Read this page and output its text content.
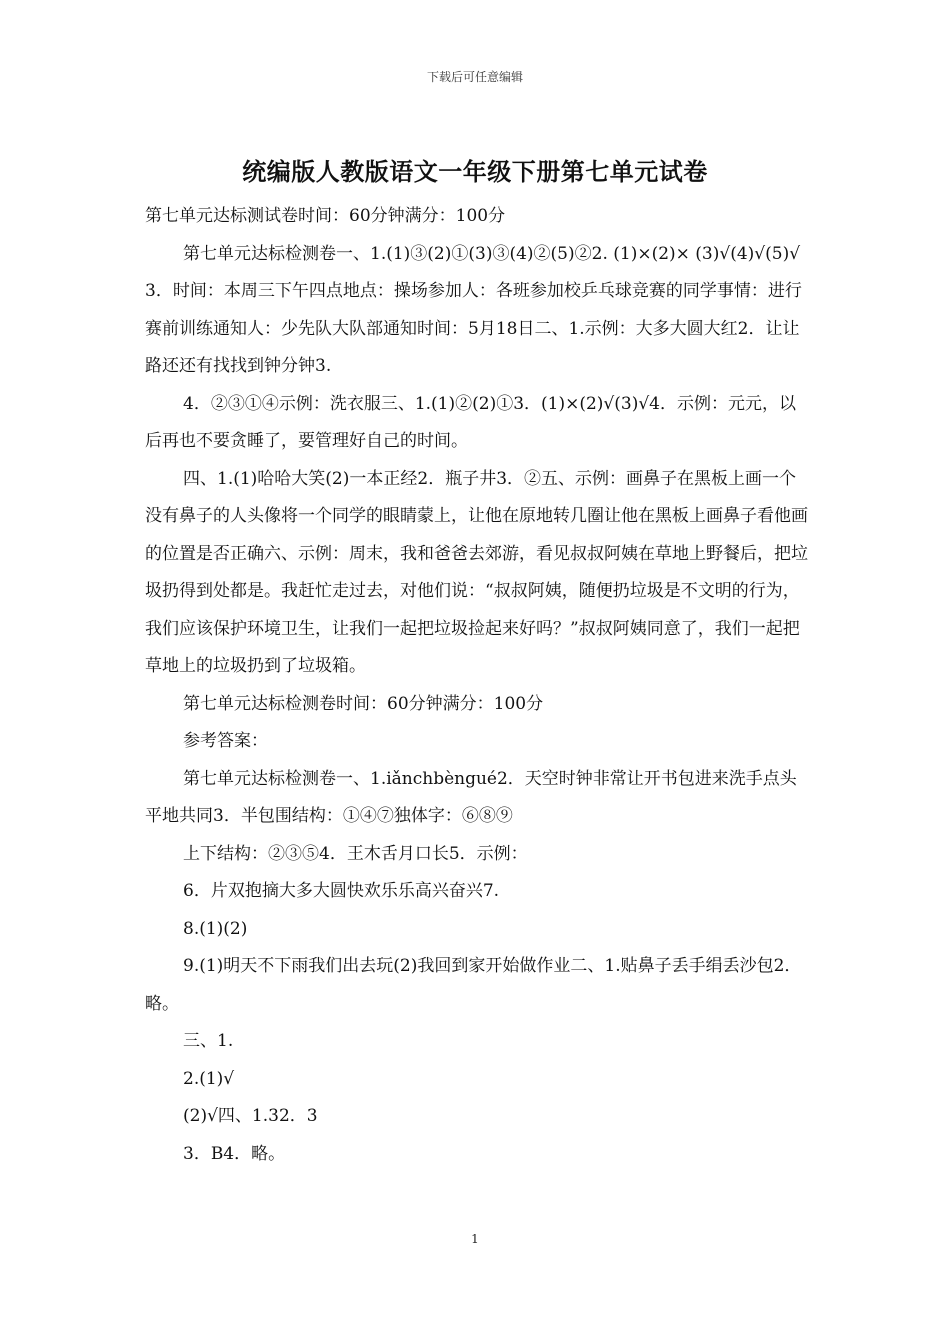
下载后可任意编辑
统编版人教版语文一年级下册第七单元试卷

第七单元达标测试卷时间：60分钟满分：100分

第七单元达标检测卷一、1.(1)③(2)①(3)③(4)②(5)②2. (1)×(2)× (3)√(4)√(5)√3．时间：本周三下午四点地点：操场参加人：各班参加校乒乓球竞赛的同学事情：进行赛前训练通知人：少先队大队部通知时间：5月18日二、1.示例：大多大圆大红2．让让路还还有找找到钟分钟3.

4．②③①④示例：洗衣服三、1.(1)②(2)①3．(1)×(2)√(3)√4．示例：元元，以后再也不要贪睡了，要管理好自己的时间。

四、1.(1)哈哈大笑(2)一本正经2．瓶子井3．②五、示例：画鼻子在黑板上画一个没有鼻子的人头像将一个同学的眼睛蒙上，让他在原地转几圈让他在黑板上画鼻子看他画的位置是否正确六、示例：周末，我和爸爸去郊游，看见叔叔阿姨在草地上野餐后，把垃圾扔得到处都是。我赶忙走过去，对他们说：“叔叔阿姨，随便扔垃圾是不文明的行为，我们应该保护环境卫生，让我们一起把垃圾捡起来好吗？”叔叔阿姨同意了，我们一起把草地上的垃圾扔到了垃圾箱。

第七单元达标检测卷时间：60分钟满分：100分

参考答案：

第七单元达标检测卷一、1.iǎnchbèngué2．天空时钟非常让开书包进来洗手点头平地共同3．半包围结构：①④⑦独体字：⑥⑧⑨

上下结构：②③⑤4．王木舌月口长5．示例：

6．片双抱摘大多大圆快欢乐乐高兴奋兴7.

8.(1)(2)

9.(1)明天不下雨我们出去玩(2)我回到家开始做作业二、1.贴鼻子丢手绢丢沙包2．略。

三、1.

2.(1)√

(2)√四、1.32．3

3．B4．略。

1
